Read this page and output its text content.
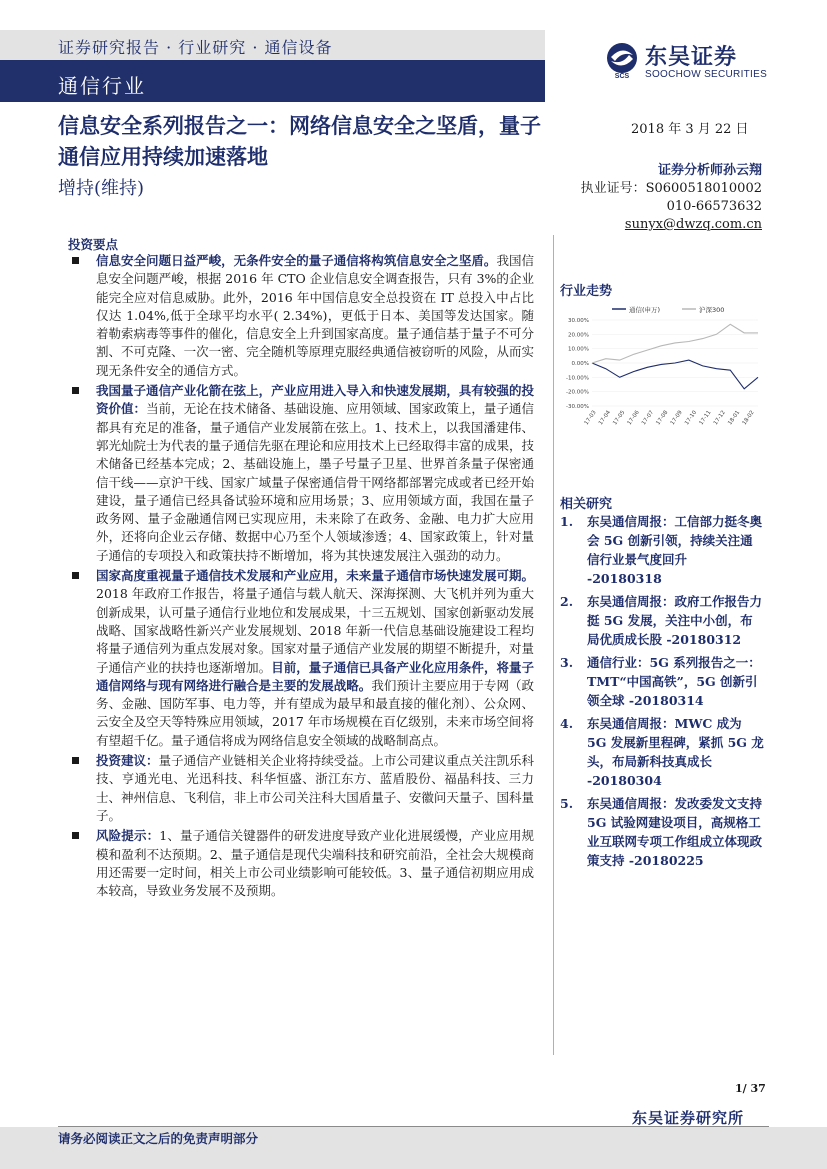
证券研究报告 · 行业研究 · 通信设备
通信行业	SCS
东吴证券
SOOCHOW SECURITIES
信息安全系列报告之一：网络信息安全之坚盾，量子通信应用持续加速落地
增持(维持)
2018 年 3 月 22 日
证券分析师孙云翔
执业证号：S0600518010002
010-66573632
sunyx@dwzq.com.cn
投资要点
信息安全问题日益严峻，无条件安全的量子通信将构筑信息安全之坚盾。我国信息安全问题严峻，根据 2016 年 CTO 企业信息安全调查报告，只有 3%的企业能完全应对信息威胁。此外，2016 年中国信息安全总投资在 IT 总投入中占比仅达 1.04%,低于全球平均水平( 2.34%)，更低于日本、美国等发达国家。随着勒索病毒等事件的催化，信息安全上升到国家高度。量子通信基于量子不可分割、不可克隆、一次一密、完全随机等原理克服经典通信被窃听的风险，从而实现无条件安全的通信方式。
我国量子通信产业化箭在弦上，产业应用进入导入和快速发展期，具有较强的投资价值：当前，无论在技术储备、基础设施、应用领域、国家政策上，量子通信都具有充足的准备，量子通信产业发展箭在弦上。1、技术上，以我国潘建伟、郭光灿院士为代表的量子通信先驱在理论和应用技术上已经取得丰富的成果，技术储备已经基本完成；2、基础设施上，墨子号量子卫星、世界首条量子保密通信干线——京沪干线、国家广域量子保密通信骨干网络都部署完成或者已经开始建设，量子通信已经具备试验环境和应用场景；3、应用领域方面，我国在量子政务网、量子金融通信网已实现应用，未来除了在政务、金融、电力扩大应用外，还将向企业云存储、数据中心乃至个人领域渗透；4、国家政策上，针对量子通信的专项投入和政策扶持不断增加，将为其快速发展注入强劲的动力。
国家高度重视量子通信技术发展和产业应用，未来量子通信市场快速发展可期。2018 年政府工作报告，将量子通信与载人航天、深海探测、大飞机并列为重大创新成果，认可量子通信行业地位和发展成果，十三五规划、国家创新驱动发展战略、国家战略性新兴产业发展规划、2018 年新一代信息基础设施建设工程均将量子通信列为重点发展对象。国家对量子通信产业发展的期望不断提升，对量子通信产业的扶持也逐渐增加。目前，量子通信已具备产业化应用条件，将量子通信网络与现有网络进行融合是主要的发展战略。我们预计主要应用于专网（政务、金融、国防军事、电力等，并有望成为最早和最直接的催化剂）、公众网、云安全及空天等特殊应用领域，2017 年市场规模在百亿级别，未来市场空间将有望超千亿。量子通信将成为网络信息安全领域的战略制高点。
投资建议：量子通信产业链相关企业将持续受益。上市公司建议重点关注凯乐科技、亨通光电、光迅科技、科华恒盛、浙江东方、蓝盾股份、福晶科技、三力士、神州信息、飞利信，非上市公司关注科大国盾量子、安徽问天量子、国科量子。
风险提示：1、量子通信关键器件的研发进度导致产业化进展缓慢，产业应用规模和盈利不达预期。2、量子通信是现代尖端科技和研究前沿，全社会大规模商用还需要一定时间，相关上市公司业绩影响可能较低。3、量子通信初期应用成本较高，导致业务发展不及预期。
行业走势
通信(申万)	沪深300
30.00%
20.00%
10.00%
0.00%
-10.00%
-20.00%
-30.00%
17-03 17-04 17-05 17-06 17-07 17-08 17-09 17-10 17-11 17-12 18-01 18-02
相关研究
1. 东吴通信周报：工信部力挺冬奥会 5G 创新引领，持续关注通信行业景气度回升 -20180318
2. 东吴通信周报：政府工作报告力挺 5G 发展，关注中小创，布局优质成长股 -20180312
3. 通信行业：5G 系列报告之一：TMT“中国高铁”，5G 创新引领全球 -20180314
4. 东吴通信周报：MWC 成为 5G 发展新里程碑，紧抓 5G 龙头，布局新科技真成长 -20180304
5. 东吴通信周报：发改委发文支持 5G 试验网建设项目，高规格工业互联网专项工作组成立体现政策支持 -20180225
1/ 37
东吴证券研究所
请务必阅读正文之后的免责声明部分
